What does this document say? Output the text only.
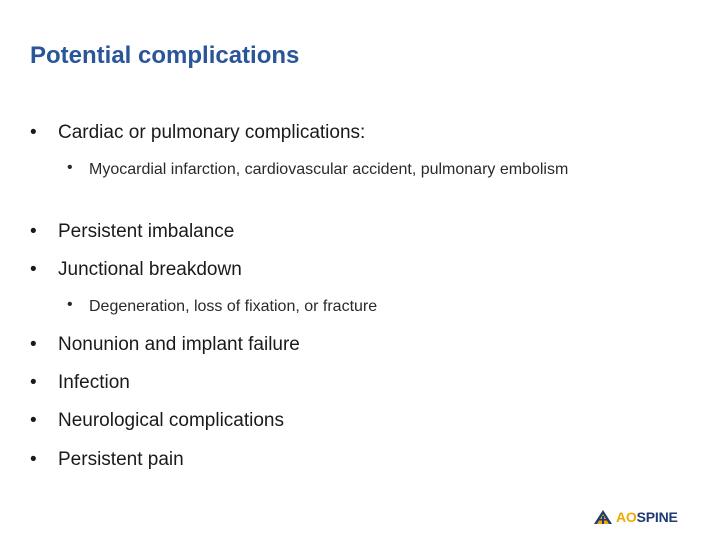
Potential complications
• Cardiac or pulmonary complications:
• Myocardial infarction, cardiovascular accident, pulmonary embolism
• Persistent imbalance
• Junctional breakdown
• Degeneration, loss of fixation, or fracture
• Nonunion and implant failure
• Infection
• Neurological complications
• Persistent pain
AOSPINE
